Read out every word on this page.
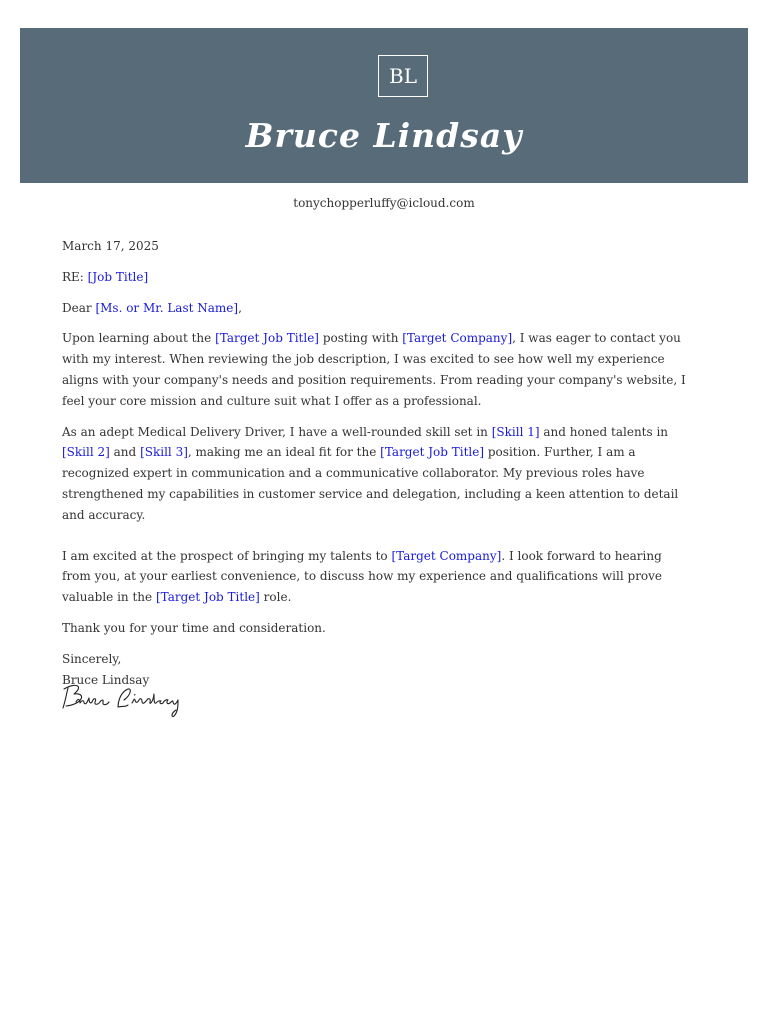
BL
Bruce Lindsay
tonychopperluffy@icloud.com

March 17, 2025

RE: [Job Title]

Dear [Ms. or Mr. Last Name],

Upon learning about the [Target Job Title] posting with [Target Company], I was eager to contact you with my interest. When reviewing the job description, I was excited to see how well my experience aligns with your company's needs and position requirements. From reading your company's website, I feel your core mission and culture suit what I offer as a professional.

As an adept Medical Delivery Driver, I have a well-rounded skill set in [Skill 1] and honed talents in [Skill 2] and [Skill 3], making me an ideal fit for the [Target Job Title] position. Further, I am a recognized expert in communication and a communicative collaborator. My previous roles have strengthened my capabilities in customer service and delegation, including a keen attention to detail and accuracy.

I am excited at the prospect of bringing my talents to [Target Company]. I look forward to hearing from you, at your earliest convenience, to discuss how my experience and qualifications will prove valuable in the [Target Job Title] role.

Thank you for your time and consideration.

Sincerely,
Bruce Lindsay
